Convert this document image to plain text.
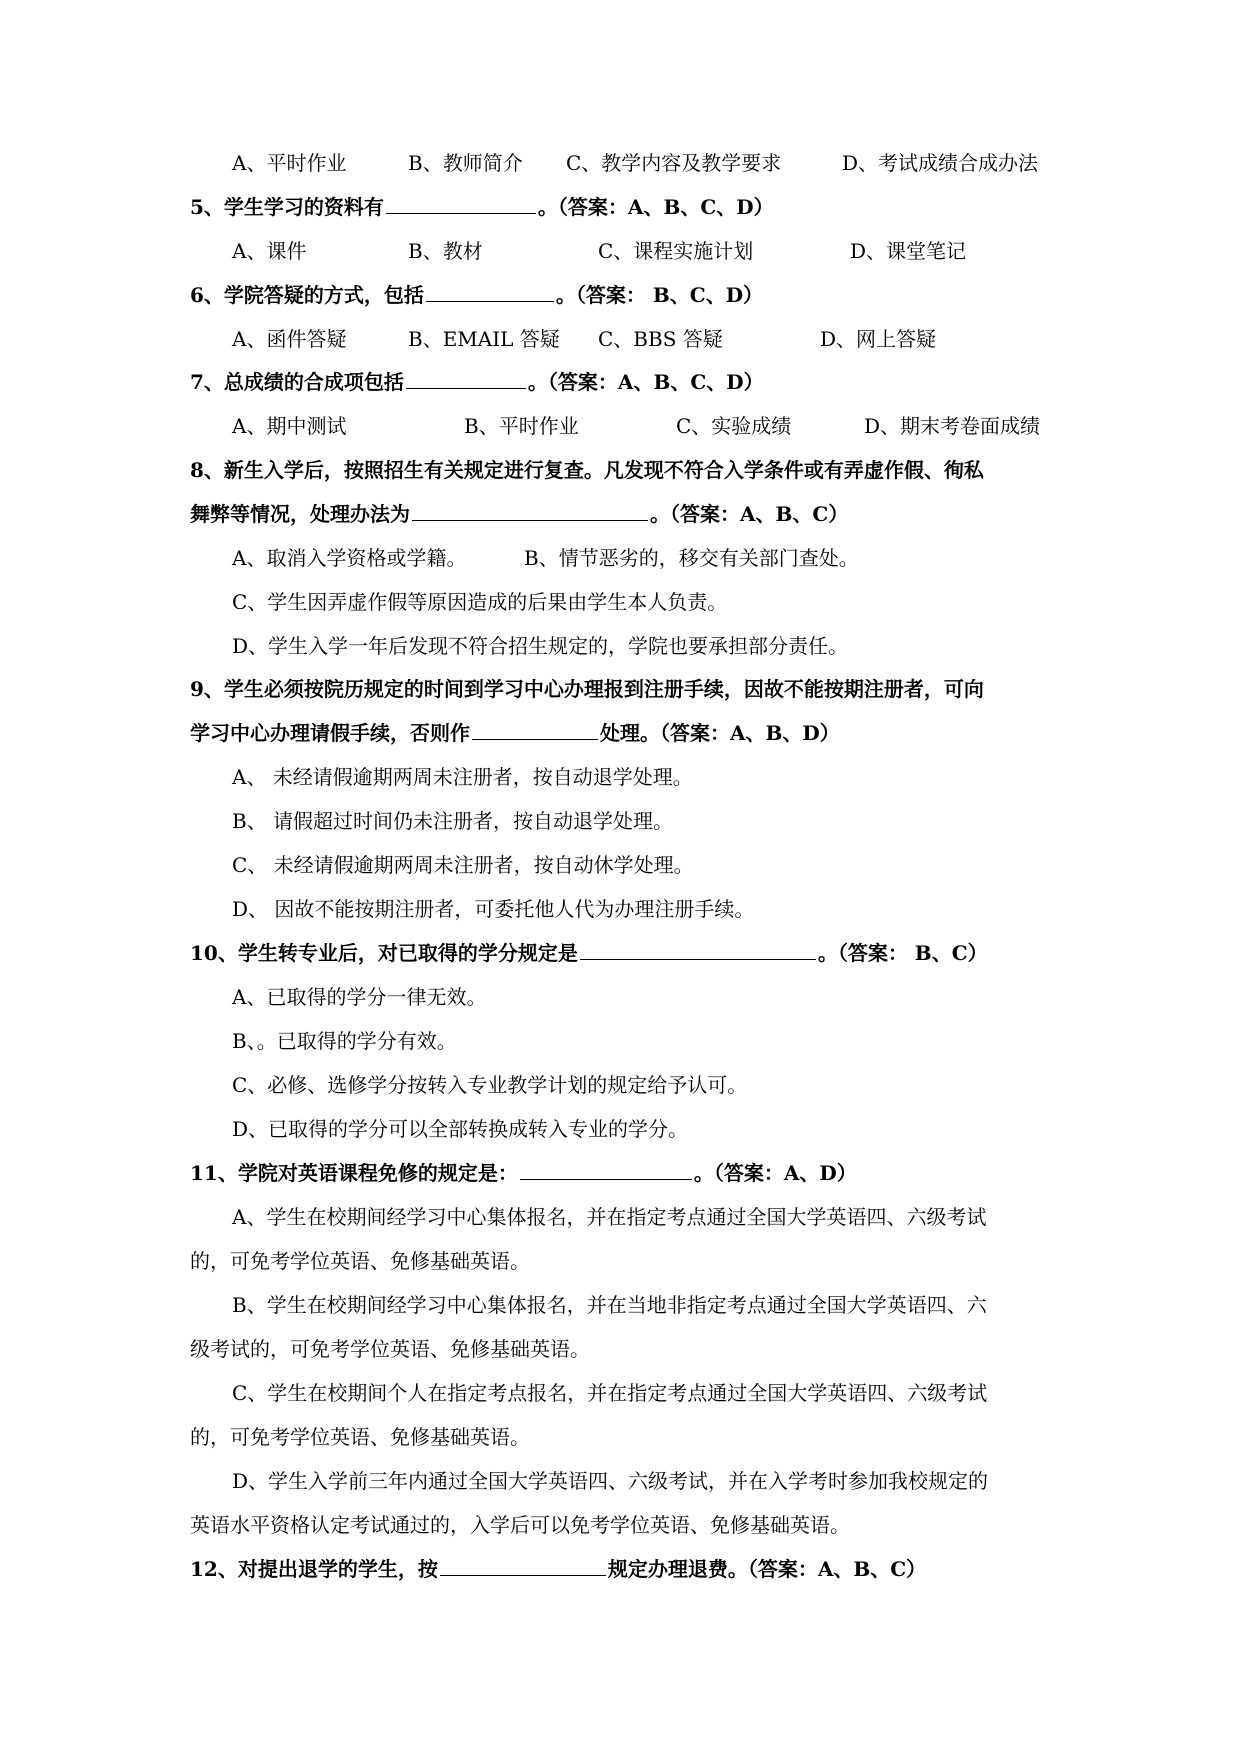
A、平时作业	B、教师简介 C、教学内容及教学要求	D、考试成绩合成办法
5、学生学习的资料有	。（答案：A、B、C、D）
A、课件	B、教材	C、课程实施计划	D、课堂笔记
6、学院答疑的方式，包括	。（答案： B、C、D）
A、函件答疑	B、EMAIL 答疑 C、BBS 答疑	D、网上答疑
7、总成绩的合成项包括	。（答案：A、B、C、D）
A、期中测试	B、平时作业	C、实验成绩	D、期末考卷面成绩
8、新生入学后，按照招生有关规定进行复查。凡发现不符合入学条件或有弄虚作假、徇私
舞弊等情况，处理办法为	。（答案：A、B、C）
A、取消入学资格或学籍。	B、情节恶劣的，移交有关部门查处。
C、学生因弄虚作假等原因造成的后果由学生本人负责。
D、学生入学一年后发现不符合招生规定的，学院也要承担部分责任。
9、学生必须按院历规定的时间到学习中心办理报到注册手续，因故不能按期注册者，可向
学习中心办理请假手续，否则作	处理。（答案：A、B、D）
A、 未经请假逾期两周未注册者，按自动退学处理。
B、 请假超过时间仍未注册者，按自动退学处理。
C、 未经请假逾期两周未注册者，按自动休学处理。
D、 因故不能按期注册者，可委托他人代为办理注册手续。
10、学生转专业后，对已取得的学分规定是	。（答案： B、C）
A、已取得的学分一律无效。
B、。已取得的学分有效。
C、必修、选修学分按转入专业教学计划的规定给予认可。
D、已取得的学分可以全部转换成转入专业的学分。
11、学院对英语课程免修的规定是：	。（答案：A、D）
A、学生在校期间经学习中心集体报名，并在指定考点通过全国大学英语四、六级考试
的，可免考学位英语、免修基础英语。
B、学生在校期间经学习中心集体报名，并在当地非指定考点通过全国大学英语四、六
级考试的，可免考学位英语、免修基础英语。
C、学生在校期间个人在指定考点报名，并在指定考点通过全国大学英语四、六级考试
的，可免考学位英语、免修基础英语。
D、学生入学前三年内通过全国大学英语四、六级考试，并在入学考时参加我校规定的
英语水平资格认定考试通过的，入学后可以免考学位英语、免修基础英语。
12、对提出退学的学生，按	规定办理退费。（答案：A、B、C）
